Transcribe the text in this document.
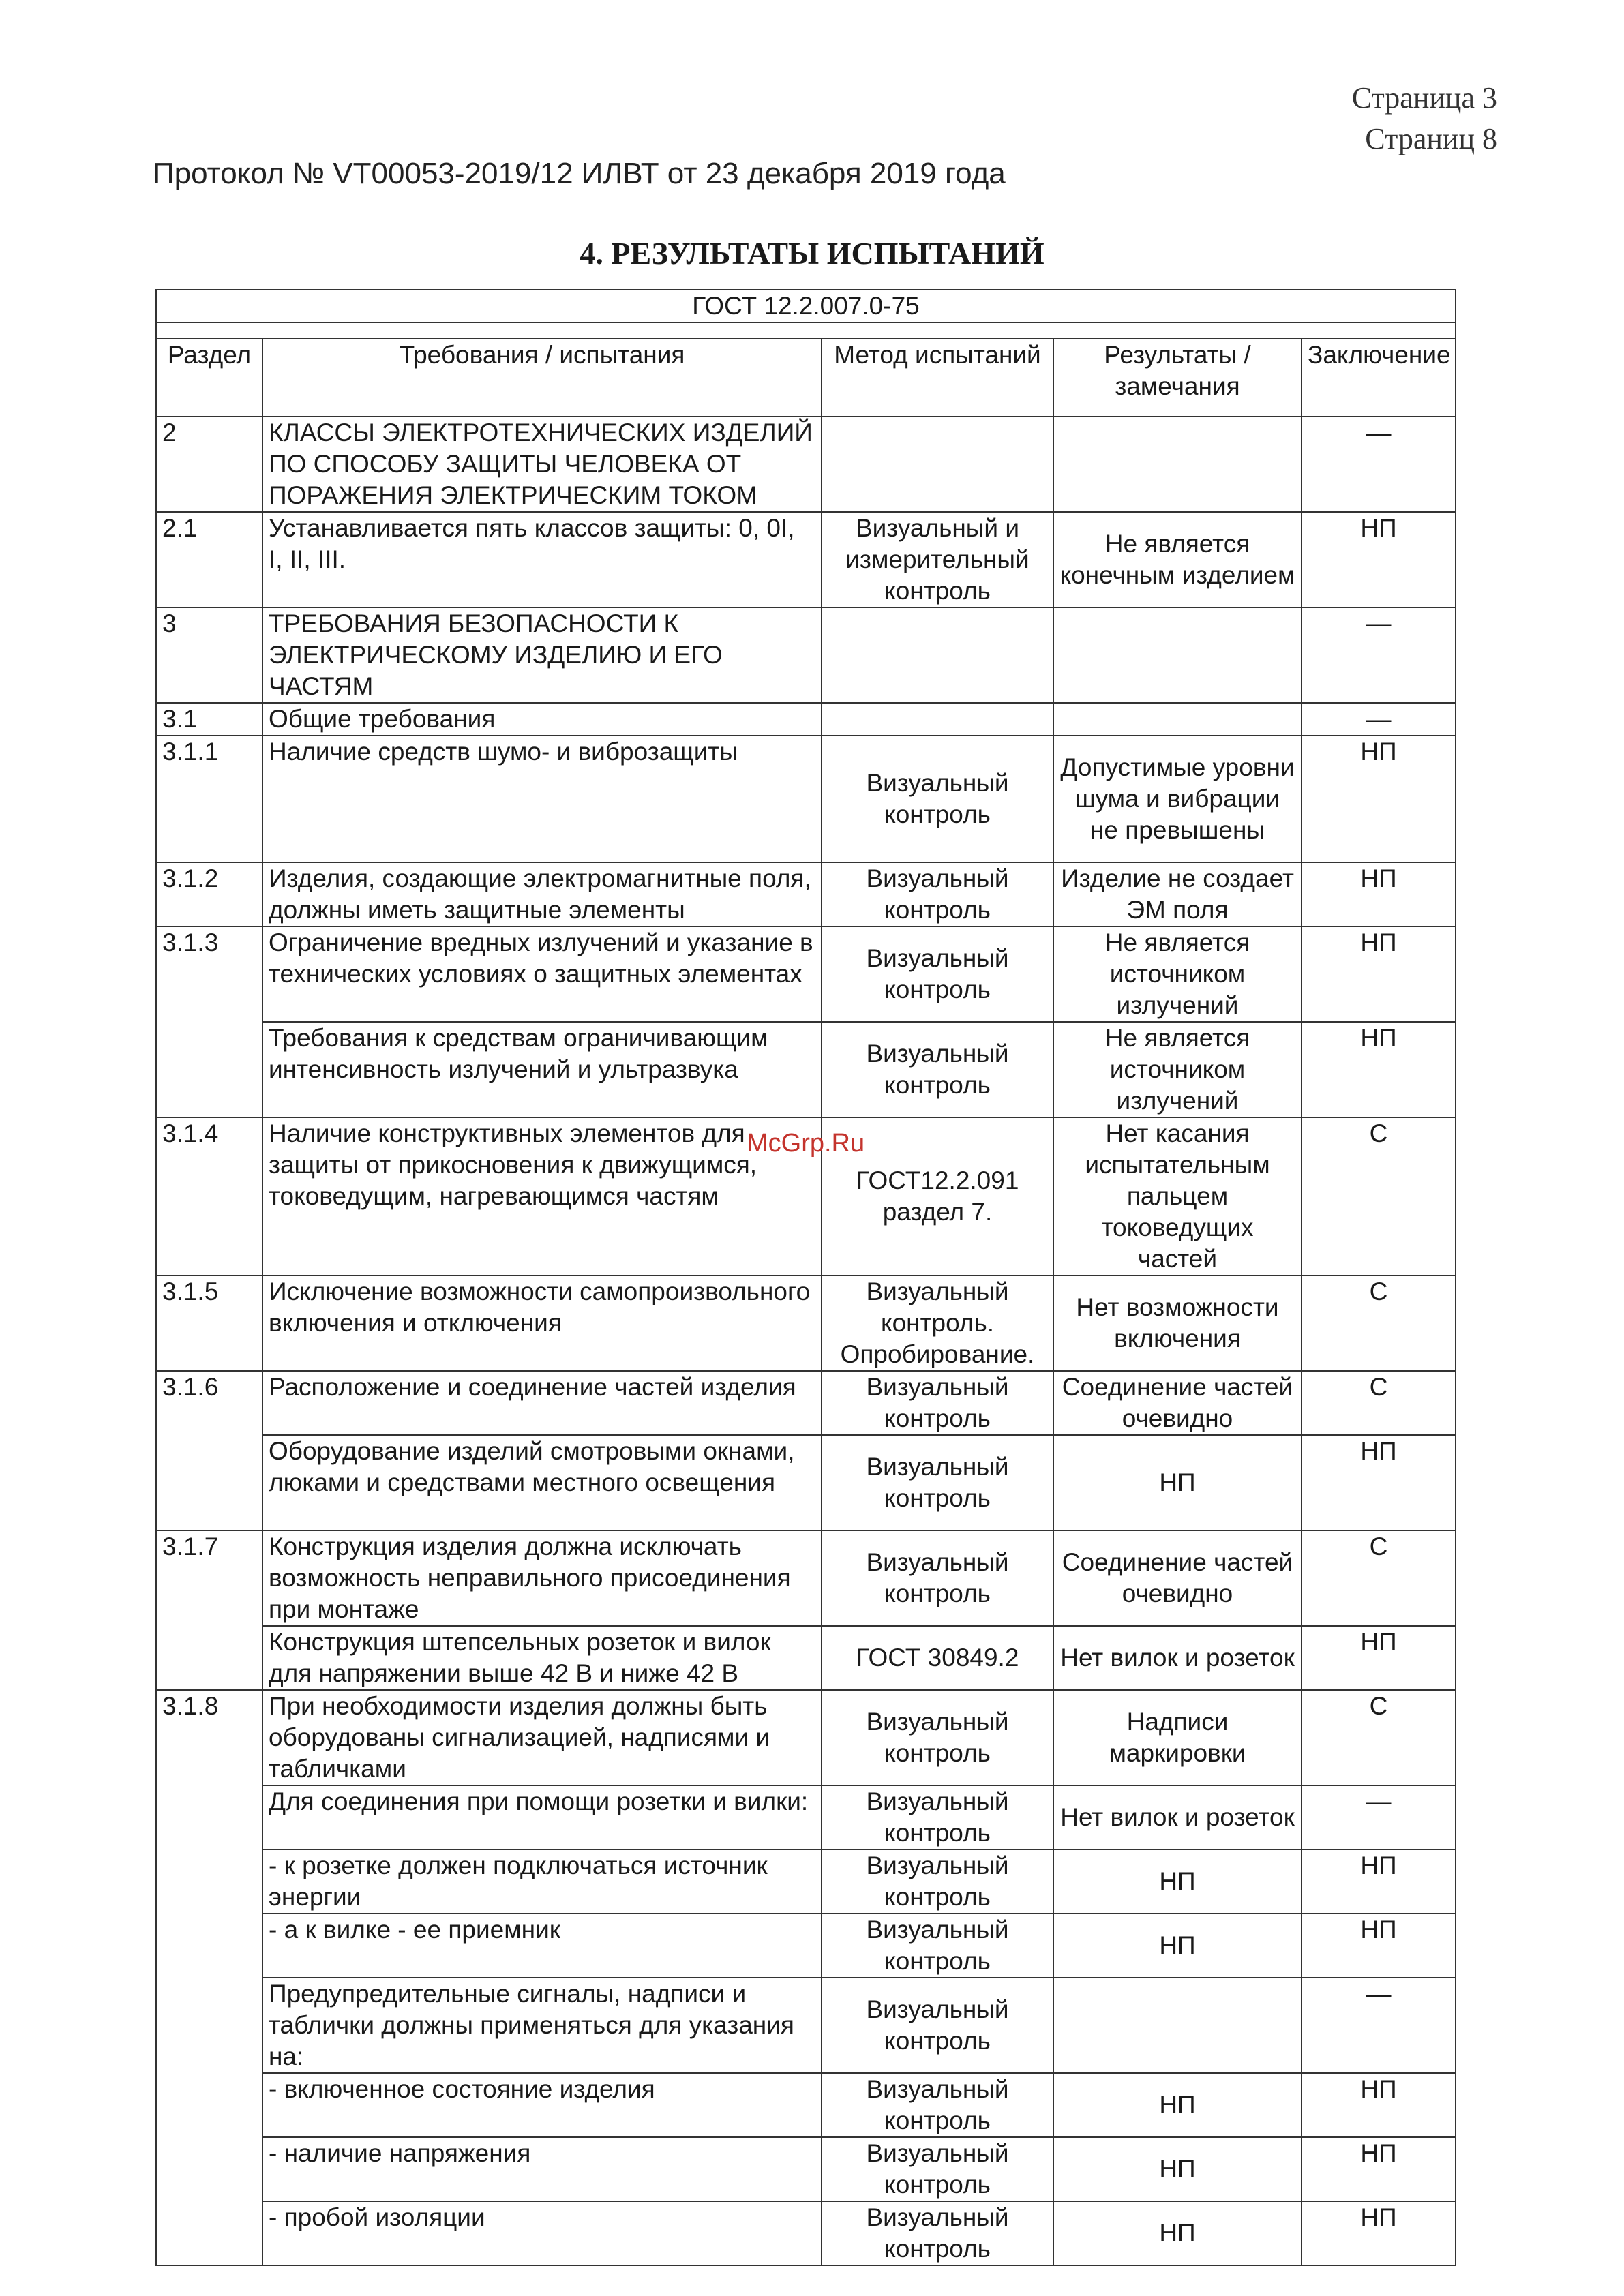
Страница 3
Страниц 8
Протокол № VT00053-2019/12 ИЛВТ от 23 декабря 2019 года
4. РЕЗУЛЬТАТЫ ИСПЫТАНИЙ
ГОСТ 12.2.007.0-75				

Раздел	Требования / испытания	Метод испытаний	Результаты / замечания	Заключение
2	КЛАССЫ ЭЛЕКТРОТЕХНИЧЕСКИХ ИЗДЕЛИЙ ПО СПОСОБУ ЗАЩИТЫ ЧЕЛОВЕКА ОТ ПОРАЖЕНИЯ ЭЛЕКТРИЧЕСКИМ ТОКОМ			—
2.1	Устанавливается пять классов защиты: 0, 0I, I, II, III.	Визуальный и измерительный контроль	Не является конечным изделием	НП
3	ТРЕБОВАНИЯ БЕЗОПАСНОСТИ К ЭЛЕКТРИЧЕСКОМУ ИЗДЕЛИЮ И ЕГО ЧАСТЯМ			—
3.1	Общие требования			—
3.1.1	Наличие средств шумо- и виброзащиты	Визуальный контроль	Допустимые уровни шума и вибрации не превышены	НП
3.1.2	Изделия, создающие электромагнитные поля, должны иметь защитные элементы	Визуальный контроль	Изделие не создает ЭМ поля	НП
3.1.3	Ограничение вредных излучений и указание в технических условиях о защитных элементах	Визуальный контроль	Не является источником излучений	НП
	Требования к средствам ограничивающим интенсивность излучений и ультразвука	Визуальный контроль	Не является источником излучений	НП
3.1.4	Наличие конструктивных элементов для защиты от прикосновения к движущимся, токоведущим, нагревающимся частям	ГОСТ12.2.091 раздел 7.	Нет касания испытательным пальцем токоведущих частей	С
3.1.5	Исключение возможности самопроизвольного включения и отключения	Визуальный контроль. Опробирование.	Нет возможности включения	С
3.1.6	Расположение и соединение частей изделия	Визуальный контроль	Соединение частей очевидно	С
	Оборудование изделий смотровыми окнами, люками и средствами местного освещения	Визуальный контроль	НП	НП
3.1.7	Конструкция изделия должна исключать возможность неправильного присоединения при монтаже	Визуальный контроль	Соединение частей очевидно	С
	Конструкция штепсельных розеток и вилок для напряжении выше 42 В и ниже 42 В	ГОСТ 30849.2	Нет вилок и розеток	НП
3.1.8	При необходимости изделия должны быть оборудованы сигнализацией, надписями и табличками	Визуальный контроль	Надписи маркировки	С
	Для соединения при помощи розетки и вилки:	Визуальный контроль	Нет вилок и розеток	—
	- к розетке должен подключаться источник энергии	Визуальный контроль	НП	НП
	- а к вилке - ее приемник	Визуальный контроль	НП	НП
	Предупредительные сигналы, надписи и таблички должны применяться для указания на:	Визуальный контроль		—
	- включенное состояние изделия	Визуальный контроль	НП	НП
	- наличие напряжения	Визуальный контроль	НП	НП
	- пробой изоляции	Визуальный контроль	НП	НП
McGrp.Ru
